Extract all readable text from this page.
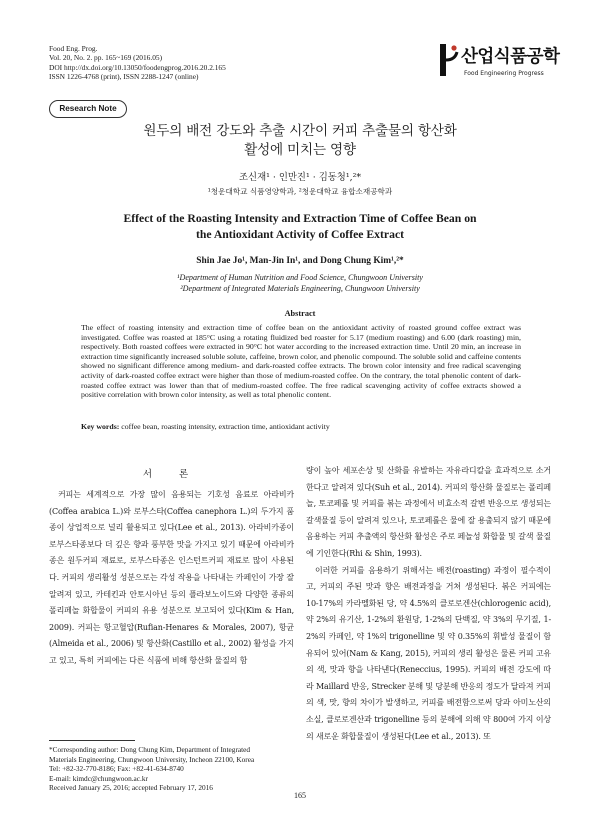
Food Eng. Prog.
Vol. 20, No. 2. pp. 165~169 (2016.05)
DOI http://dx.doi.org/10.13050/foodengprog.2016.20.2.165
ISSN 1226-4768 (print), ISSN 2288-1247 (online)
산업식품공학
Food Engineering Progress
Research Note
원두의 배전 강도와 추출 시간이 커피 추출물의 항산화
활성에 미치는 영향
조신재¹ · 인만진¹ · 김동청¹,²*
¹청운대학교 식품영양학과, ²청운대학교 융합소재공학과
Effect of the Roasting Intensity and Extraction Time of Coffee Bean on
the Antioxidant Activity of Coffee Extract
Shin Jae Jo¹, Man-Jin In¹, and Dong Chung Kim¹,²*
¹Department of Human Nutrition and Food Science, Chungwoon University
²Department of Integrated Materials Engineering, Chungwoon University
Abstract
The effect of roasting intensity and extraction time of coffee bean on the antioxidant activity of roasted ground coffee extract was investigated. Coffee was roasted at 185°C using a rotating fluidized bed roaster for 5.17 (medium roasting) and 6.00 (dark roasting) min, respectively. Both roasted coffees were extracted in 90°C hot water according to the increased extraction time. Until 20 min, an increase in extraction time significantly increased soluble solute, caffeine, brown color, and phenolic compound. The soluble solid and caffeine contents showed no significant difference among medium- and dark-roasted coffee extracts. The brown color intensity and free radical scavenging activity of dark-roasted coffee extract were higher than those of medium-roasted coffee. On the contrary, the total phenolic content of dark-roasted coffee extract was lower than that of medium-roasted coffee. The free radical scavenging activity of coffee extracts showed a positive correlation with brown color intensity, as well as total phenolic content.
Key words: coffee bean, roasting intensity, extraction time, antioxidant activity
서 론

커피는 세계적으로 가장 많이 음용되는 기호성 음료로 아라비카(Coffea arabica L.)와 로부스타(Coffea canephora L.)의 두가지 품종이 상업적으로 널리 활용되고 있다(Lee et al., 2013). 아라비카종이 로부스타종보다 더 깊은 향과 풍부한 맛을 가지고 있기 때문에 아라비카종은 원두커피 재료로, 로부스타종은 인스턴트커피 재료로 많이 사용된다. 커피의 생리활성 성분으로는 각성 작용을 나타내는 카페인이 가장 잘 알려져 있고, 카테킨과 안토시아닌 등의 플라보노이드와 다양한 종류의 폴리페놀 화합물이 커피의 유용 성분으로 보고되어 있다(Kim & Han, 2009). 커피는 항고혈압(Rufian-Henares & Morales, 2007), 항균(Almeida et al., 2006) 및 항산화(Castillo et al., 2002) 활성을 가지고 있고, 특히 커피에는 다른 식품에 비해 항산화 물질의 함

량이 높아 세포손상 및 산화를 유발하는 자유라디칼을 효과적으로 소거한다고 알려져 있다(Suh et al., 2014). 커피의 항산화 물질로는 폴리페놀, 토코페롤 및 커피를 볶는 과정에서 비효소적 갈변 반응으로 생성되는 갈색물질 등이 알려져 있으나, 토코페롤은 물에 잘 용출되지 않기 때문에 음용하는 커피 추출액의 항산화 활성은 주로 페놀성 화합물 및 갈색 물질에 기인한다(Rhi & Shin, 1993).

이러한 커피를 음용하기 위해서는 배전(roasting) 과정이 필수적이고, 커피의 주된 맛과 향은 배전과정을 거쳐 생성된다. 볶은 커피에는 10-17%의 카라멜화된 당, 약 4.5%의 클로로겐산(chlorogenic acid), 약 2%의 유기산, 1-2%의 환원당, 1-2%의 단백질, 약 3%의 무기질, 1-2%의 카페인, 약 1%의 trigonelline 및 약 0.35%의 휘발성 물질이 함유되어 있어(Nam & Kang, 2015), 커피의 생리 활성은 물론 커피 고유의 색, 맛과 향을 나타낸다(Reneccius, 1995). 커피의 배전 강도에 따라 Maillard 반응, Strecker 분해 및 당분해 반응의 정도가 달라져 커피의 색, 맛, 향의 차이가 발생하고, 커피를 배전함으로써 당과 아미노산의 소실, 클로로겐산과 trigonelline 등의 분해에 의해 약 800여 가지 이상의 새로운 화합물질이 생성된다(Lee et al., 2013). 또

*Corresponding author: Dong Chung Kim, Department of Integrated
Materials Engineering, Chungwoon University, Incheon 22100, Korea
Tel: +82-32-770-8186; Fax: +82-41-634-8740
E-mail: kimdc@chungwoon.ac.kr
Received January 25, 2016; accepted February 17, 2016
165
